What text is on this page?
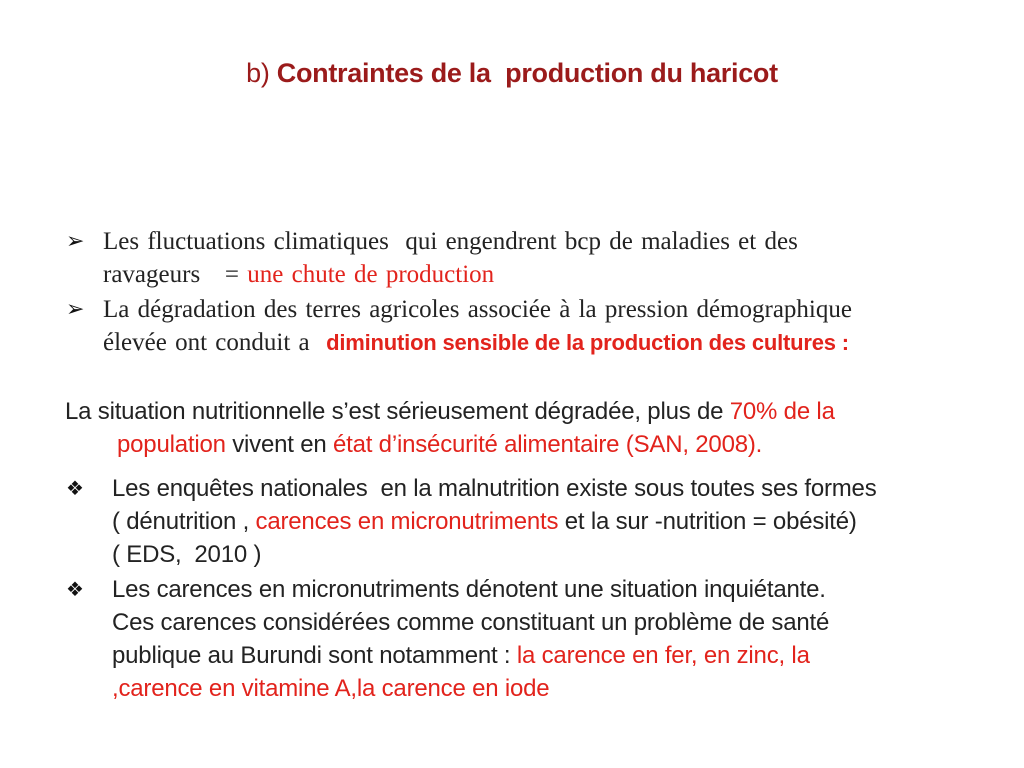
b) Contraintes de la  production du haricot
➢ Les fluctuations climatiques  qui engendrent bcp de maladies et des
ravageurs   = une chute de production
➢ La dégradation des terres agricoles associée à la pression démographique
élevée ont conduit a  diminution sensible de la production des cultures :
La situation nutritionnelle s’est sérieusement dégradée, plus de 70% de la
population vivent en état d’insécurité alimentaire (SAN, 2008).
❖ Les enquêtes nationales  en la malnutrition existe sous toutes ses formes
( dénutrition , carences en micronutriments et la sur -nutrition = obésité)
( EDS,  2010 )
❖ Les carences en micronutriments dénotent une situation inquiétante.
Ces carences considérées comme constituant un problème de santé
publique au Burundi sont notamment : la carence en fer, en zinc, la
,carence en vitamine A,la carence en iode
